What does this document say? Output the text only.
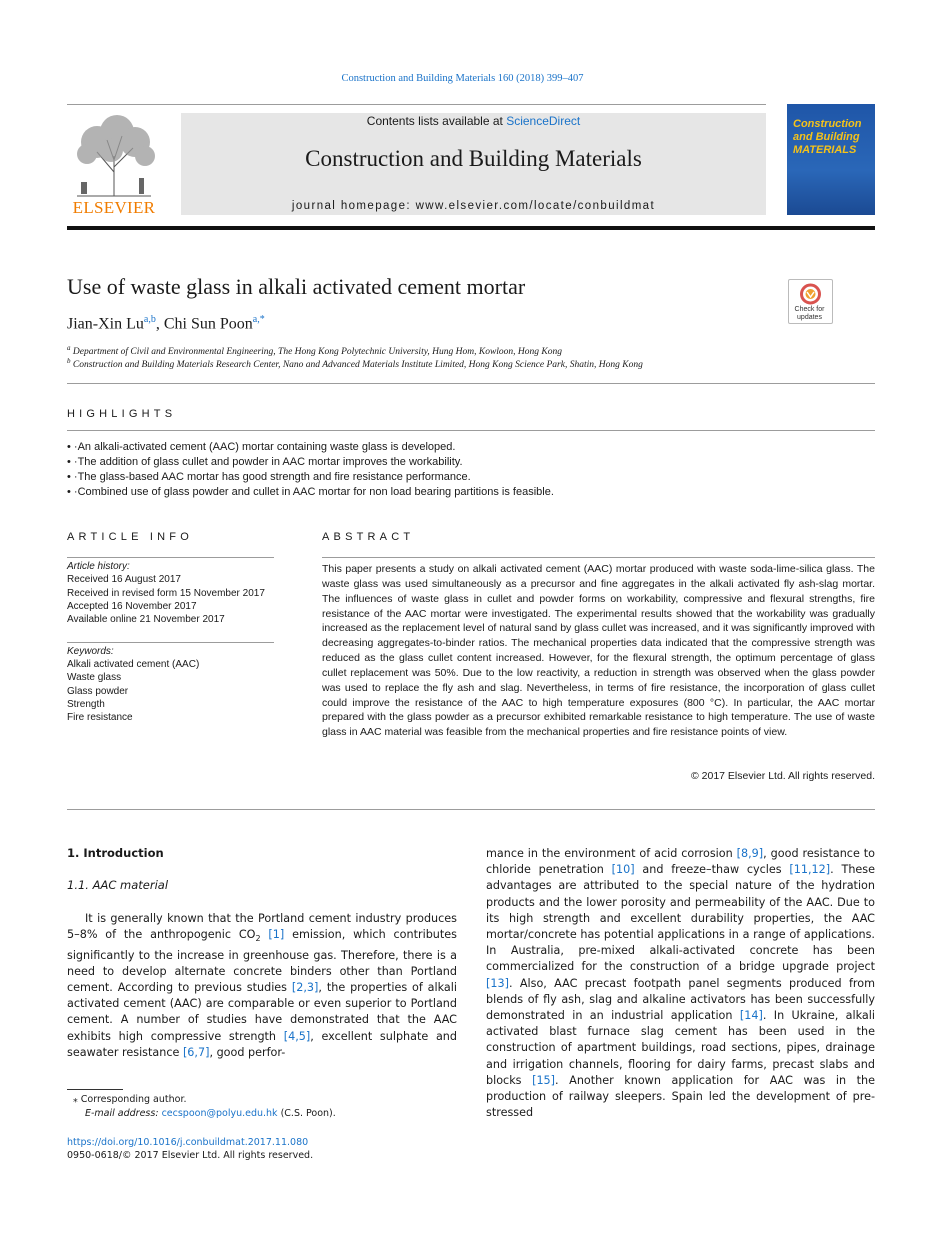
Construction and Building Materials 160 (2018) 399–407
ELSEVIER
Contents lists available at ScienceDirect
Construction and Building Materials
journal homepage: www.elsevier.com/locate/conbuildmat
Construction and Building MATERIALS
Use of waste glass in alkali activated cement mortar
Check for updates
Jian-Xin Lu$^{a,b}$, Chi Sun Poon$^{a,*}$
$^a$ Department of Civil and Environmental Engineering, The Hong Kong Polytechnic University, Hung Hom, Kowloon, Hong Kong
$^b$ Construction and Building Materials Research Center, Nano and Advanced Materials Institute Limited, Hong Kong Science Park, Shatin, Hong Kong
HIGHLIGHTS
• ·An alkali-activated cement (AAC) mortar containing waste glass is developed.
• ·The addition of glass cullet and powder in AAC mortar improves the workability.
• ·The glass-based AAC mortar has good strength and fire resistance performance.
• ·Combined use of glass powder and cullet in AAC mortar for non load bearing partitions is feasible.
ARTICLE INFO	ABSTRACT
Article history:
Received 16 August 2017
Received in revised form 15 November 2017
Accepted 16 November 2017
Available online 21 November 2017
Keywords:
Alkali activated cement (AAC)
Waste glass
Glass powder
Strength
Fire resistance
This paper presents a study on alkali activated cement (AAC) mortar produced with waste soda-lime-silica glass. The waste glass was used simultaneously as a precursor and fine aggregates in the alkali activated fly ash-slag mortar. The influences of waste glass in cullet and powder forms on workability, compressive and flexural strengths, fire resistance of the AAC mortar were investigated. The experimental results showed that the workability was gradually increased as the replacement level of natural sand by glass cullet was increased, and it was significantly improved with decreasing aggregates-to-binder ratios. The mechanical properties data indicated that the compressive strength was reduced as the glass cullet content increased. However, for the flexural strength, the optimum percentage of glass cullet replacement was 50%. Due to the low reactivity, a reduction in strength was observed when the glass powder was used to replace the fly ash and slag. Nevertheless, in terms of fire resistance, the incorporation of glass cullet could improve the resistance of the AAC to high temperature exposures (800 °C). In particular, the AAC mortar prepared with the glass powder as a precursor exhibited remarkable resistance to high temperature. The use of waste glass in AAC material was feasible from the mechanical properties and fire resistance points of view.
© 2017 Elsevier Ltd. All rights reserved.
1. Introduction
1.1. AAC material
It is generally known that the Portland cement industry produces 5–8% of the anthropogenic $CO_2$ [1] emission, which contributes significantly to the increase in greenhouse gas. Therefore, there is a need to develop alternate concrete binders other than Portland cement. According to previous studies [2,3], the properties of alkali activated cement (AAC) are comparable or even superior to Portland cement. A number of studies have demonstrated that the AAC exhibits high compressive strength [4,5], excellent sulphate and seawater resistance [6,7], good perfor-
mance in the environment of acid corrosion [8,9], good resistance to chloride penetration [10] and freeze–thaw cycles [11,12]. These advantages are attributed to the special nature of the hydration products and the lower porosity and permeability of the AAC. Due to its high strength and excellent durability properties, the AAC mortar/concrete has potential applications in a range of applications. In Australia, pre-mixed alkali-activated concrete has been commercialized for the construction of a bridge upgrade project [13]. Also, AAC precast footpath panel segments produced from blends of fly ash, slag and alkaline activators has been successfully demonstrated in an industrial application [14]. In Ukraine, alkali activated blast furnace slag cement has been used in the construction of apartment buildings, road sections, pipes, drainage and irrigation channels, flooring for dairy farms, precast slabs and blocks [15]. Another known application for AAC was in the production of railway sleepers. Spain led the development of pre-stressed
⁎ Corresponding author.
E-mail address: cecspoon@polyu.edu.hk (C.S. Poon).
https://doi.org/10.1016/j.conbuildmat.2017.11.080
0950-0618/© 2017 Elsevier Ltd. All rights reserved.
